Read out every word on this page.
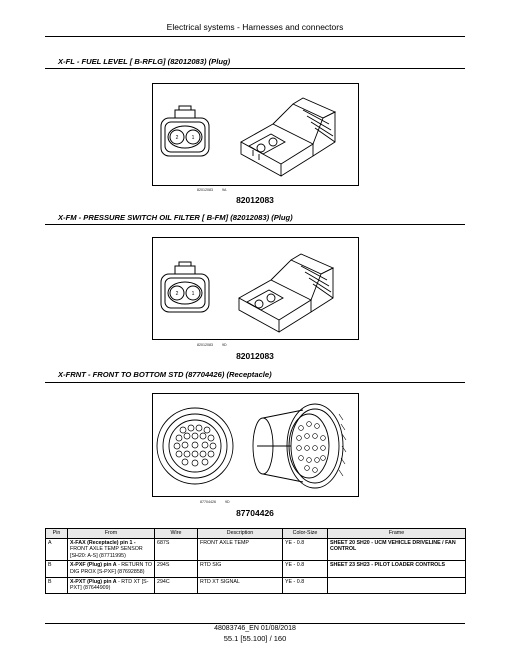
Electrical systems - Harnesses and connectors
X-FL - FUEL LEVEL [ B-RFLG] (82012083) (Plug)
2	1
82012083	9A
82012083
X-FM - PRESSURE SWITCH OIL FILTER [ B-FM] (82012083) (Plug)
2	1
82012083	9D
82012083
X-FRNT - FRONT TO BOTTOM STD (87704426) (Receptacle)
87704426	9D
87704426
Pin	From	Wire	Description	Color-Size	Frame
A	X-FAX (Receptacle) pin 1 - FRONT AXLE TEMP SENSOR [SH20: A-S] (87711995)	687S	FRONT AXLE TEMP	YE - 0.8	SHEET 20 SH20 - UCM VEHICLE DRIVELINE / FAN CONTROL
B	X-PXF (Plug) pin A - RETURN TO DIG PROX [S-PXF] (87692858)	294S	RTD SIG	YE - 0.8	SHEET 23 SH23 - PILOT LOADER CONTROLS
B	X-PXT (Plug) pin A - RTD XT [S-PXT] (87644909)	294C	RTD XT SIGNAL	YE - 0.8	
48083746_EN 01/08/2018
55.1 [55.100] / 160
